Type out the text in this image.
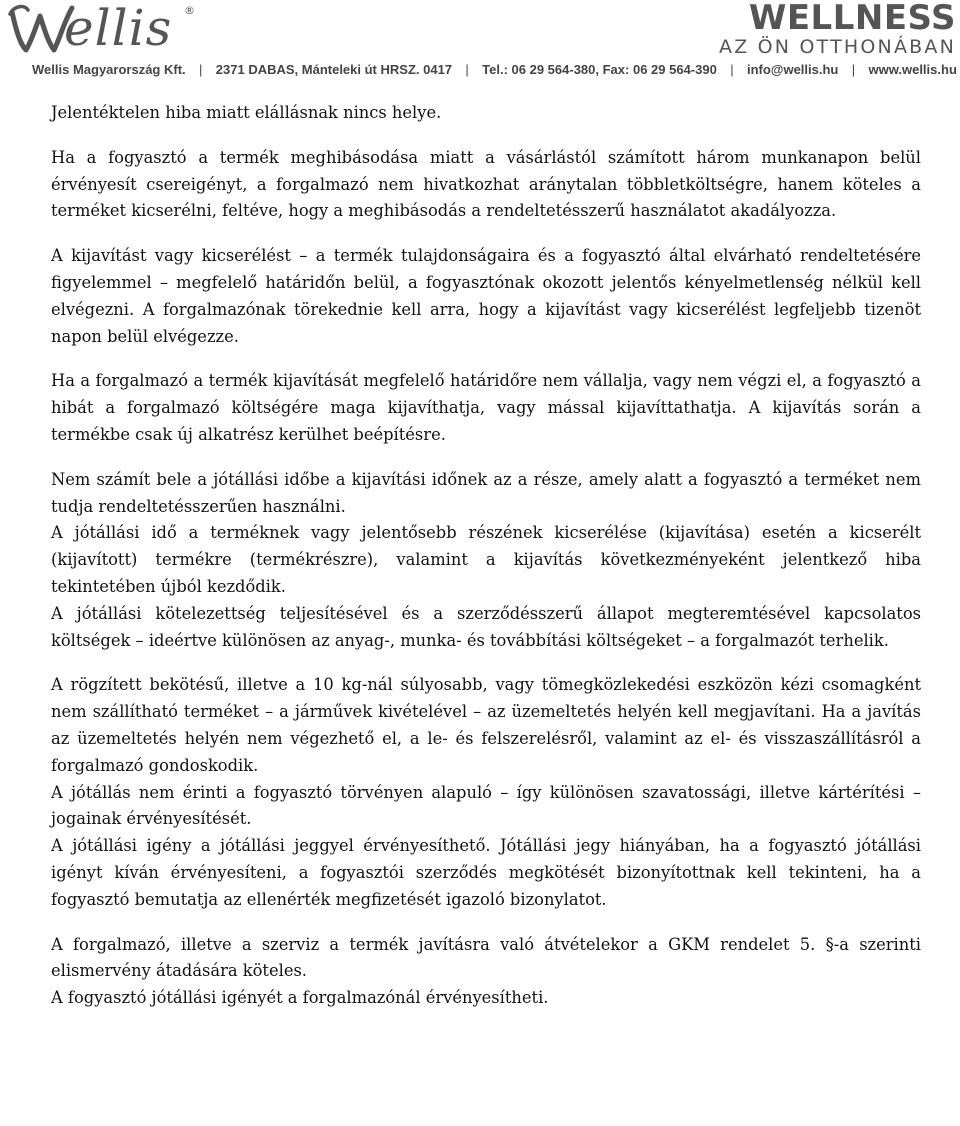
ellis ®	WELLNESS
AZ ÖN OTTHONÁBAN
Wellis Magyarország Kft. | 2371 DABAS, Mánteleki út HRSZ. 0417 | Tel.: 06 29 564-380, Fax: 06 29 564-390 | info@wellis.hu | www.wellis.hu

Jelentéktelen hiba miatt elállásnak nincs helye.

Ha a fogyasztó a termék meghibásodása miatt a vásárlástól számított három munkanapon belül érvényesít csereigényt, a forgalmazó nem hivatkozhat aránytalan többletköltségre, hanem köteles a terméket kicserélni, feltéve, hogy a meghibásodás a rendeltetésszerű használatot akadályozza.

A kijavítást vagy kicserélést – a termék tulajdonságaira és a fogyasztó által elvárható rendeltetésére figyelemmel – megfelelő határidőn belül, a fogyasztónak okozott jelentős kényelmetlenség nélkül kell elvégezni. A forgalmazónak törekednie kell arra, hogy a kijavítást vagy kicserélést legfeljebb tizenöt napon belül elvégezze.

Ha a forgalmazó a termék kijavítását megfelelő határidőre nem vállalja, vagy nem végzi el, a fogyasztó a hibát a forgalmazó költségére maga kijavíthatja, vagy mással kijavíttathatja. A kijavítás során a termékbe csak új alkatrész kerülhet beépítésre.

Nem számít bele a jótállási időbe a kijavítási időnek az a része, amely alatt a fogyasztó a terméket nem tudja rendeltetésszerűen használni.

A jótállási idő a terméknek vagy jelentősebb részének kicserélése (kijavítása) esetén a kicserélt (kijavított) termékre (termékrészre), valamint a kijavítás következményeként jelentkező hiba tekintetében újból kezdődik.

A jótállási kötelezettség teljesítésével és a szerződésszerű állapot megteremtésével kapcsolatos költségek – ideértve különösen az anyag-, munka- és továbbítási költségeket – a forgalmazót terhelik.

A rögzített bekötésű, illetve a 10 kg-nál súlyosabb, vagy tömegközlekedési eszközön kézi csomagként nem szállítható terméket – a járművek kivételével – az üzemeltetés helyén kell megjavítani. Ha a javítás az üzemeltetés helyén nem végezhető el, a le- és felszerelésről, valamint az el- és visszaszállításról a forgalmazó gondoskodik.

A jótállás nem érinti a fogyasztó törvényen alapuló – így különösen szavatossági, illetve kártérítési – jogainak érvényesítését.

A jótállási igény a jótállási jeggyel érvényesíthető. Jótállási jegy hiányában, ha a fogyasztó jótállási igényt kíván érvényesíteni, a fogyasztói szerződés megkötését bizonyítottnak kell tekinteni, ha a fogyasztó bemutatja az ellenérték megfizetését igazoló bizonylatot.

A forgalmazó, illetve a szerviz a termék javításra való átvételekor a GKM rendelet 5. §-a szerinti elismervény átadására köteles.

A fogyasztó jótállási igényét a forgalmazónál érvényesítheti.
